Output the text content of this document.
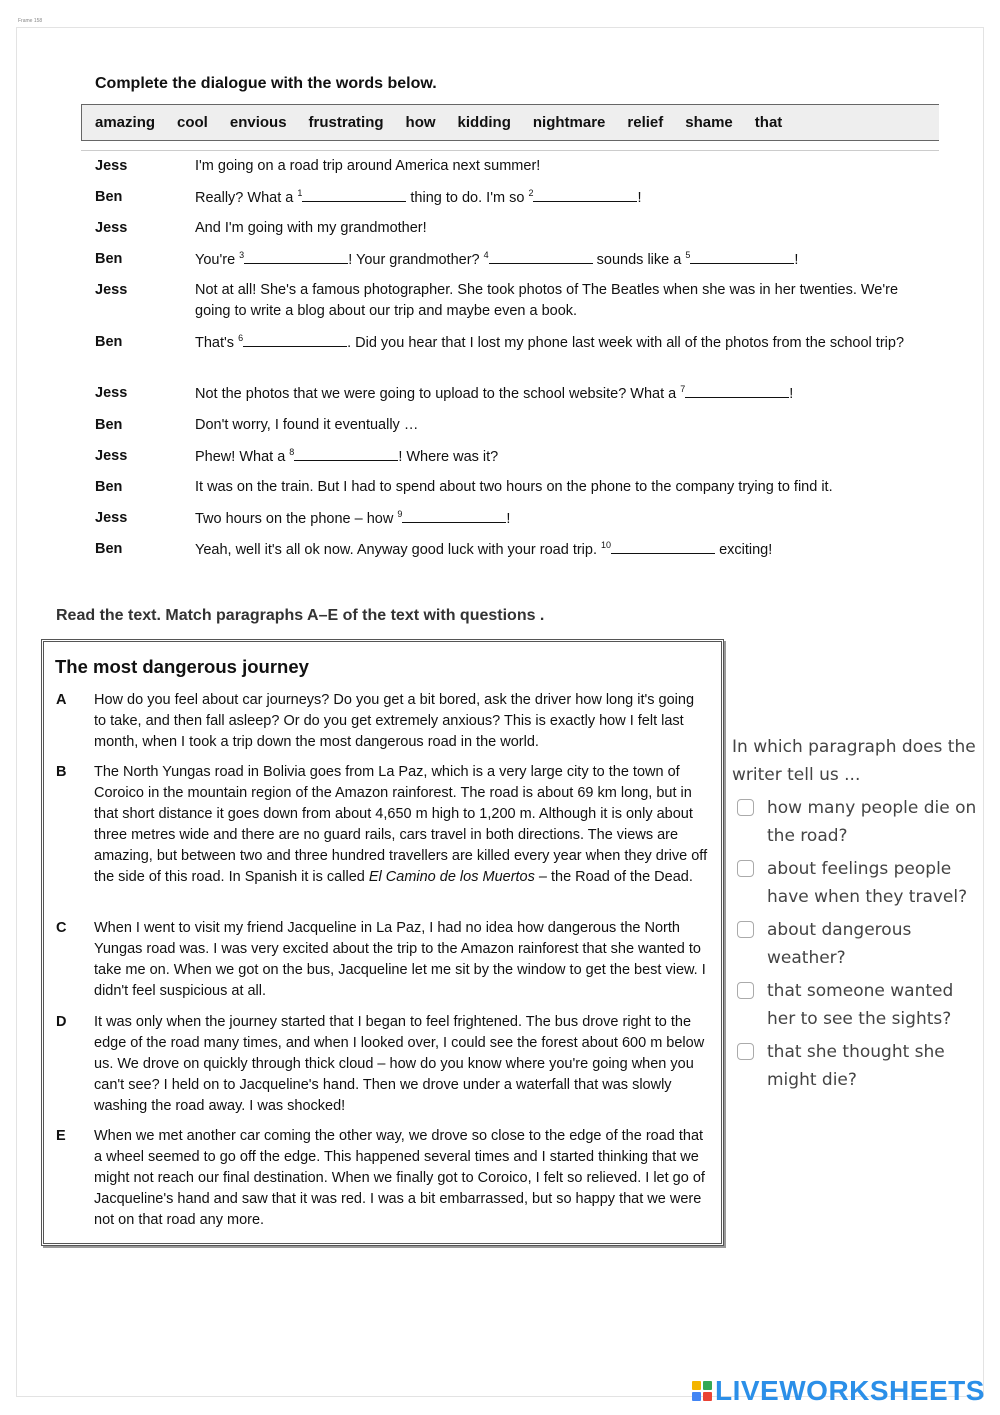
Frame 158
Complete the dialogue with the words below.
amazing cool envious frustrating how kidding nightmare relief shame that
Jess	I'm going on a road trip around America next summer!
Ben	Really? What a $^1$	thing to do. I'm so $^2$	!
Jess	And I'm going with my grandmother!
Ben	You're $^3$	! Your grandmother? $^4$	sounds like a $^5$	!
Jess	Not at all! She's a famous photographer. She took photos of The Beatles when she was in her twenties. We're going to write a blog about our trip and maybe even a book.
Ben	That's $^6$	. Did you hear that I lost my phone last week with all of the photos from the school trip?
Jess	Not the photos that we were going to upload to the school website? What a $^7$	!
Ben	Don't worry, I found it eventually …
Jess	Phew! What a $^8$	! Where was it?
Ben	It was on the train. But I had to spend about two hours on the phone to the company trying to find it.
Jess	Two hours on the phone – how $^9$	!
Ben	Yeah, well it's all ok now. Anyway good luck with your road trip. $^{10}$	exciting!
Read the text. Match paragraphs A–E of the text with questions .
The most dangerous journey
A How do you feel about car journeys? Do you get a bit bored, ask the driver how long it's going to take, and then fall asleep? Or do you get extremely anxious? This is exactly how I felt last month, when I took a trip down the most dangerous road in the world.
B The North Yungas road in Bolivia goes from La Paz, which is a very large city to the town of Coroico in the mountain region of the Amazon rainforest. The road is about 69 km long, but in that short distance it goes down from about 4,650 m high to 1,200 m. Although it is only about three metres wide and there are no guard rails, cars travel in both directions. The views are amazing, but between two and three hundred travellers are killed every year when they drive off the side of this road. In Spanish it is called El Camino de los Muertos – the Road of the Dead.
C When I went to visit my friend Jacqueline in La Paz, I had no idea how dangerous the North Yungas road was. I was very excited about the trip to the Amazon rainforest that she wanted to take me on. When we got on the bus, Jacqueline let me sit by the window to get the best view. I didn't feel suspicious at all.
D It was only when the journey started that I began to feel frightened. The bus drove right to the edge of the road many times, and when I looked over, I could see the forest about 600 m below us. We drove on quickly through thick cloud – how do you know where you're going when you can't see? I held on to Jacqueline's hand. Then we drove under a waterfall that was slowly washing the road away. I was shocked!
E When we met another car coming the other way, we drove so close to the edge of the road that a wheel seemed to go off the edge. This happened several times and I started thinking that we might not reach our final destination. When we finally got to Coroico, I felt so relieved. I let go of Jacqueline's hand and saw that it was red. I was a bit embarrassed, but so happy that we were not on that road any more.
In which paragraph does the writer tell us ...
how many people die on the road?
about feelings people have when they travel?
about dangerous weather?
that someone wanted her to see the sights?
that she thought she might die?
LIVEWORKSHEETS
